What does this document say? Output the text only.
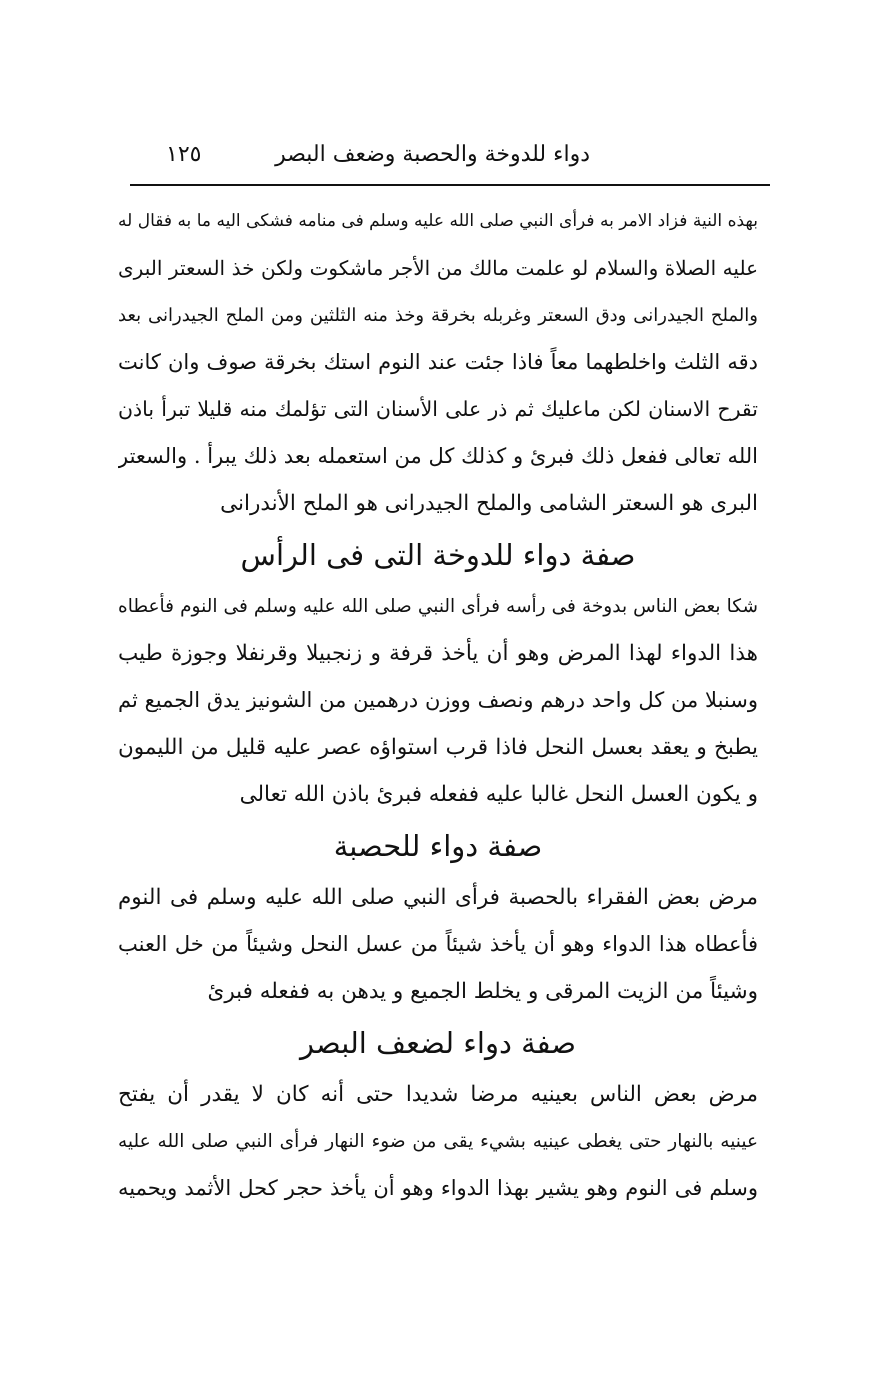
دواء للدوخة والحصبة وضعف البصر
١٢٥
بهذه النية فزاد الامر به فرأى النبي صلى الله عليه وسلم فى منامه فشكى اليه ما به فقال له
عليه الصلاة والسلام لو علمت مالك من الأجر ماشكوت ولكن خذ السعتر البرى
والملح الجيدرانى ودق السعتر وغربله بخرقة وخذ منه الثلثين ومن الملح الجيدرانى بعد
دقه الثلث واخلطهما معاً فاذا جئت عند النوم استك بخرقة صوف وان كانت
تقرح الاسنان لكن ماعليك ثم ذر على الأسنان التى تؤلمك منه قليلا تبرأ باذن
الله تعالى ففعل ذلك فبرئ و كذلك كل من استعمله بعد ذلك يبرأ . والسعتر
البرى هو السعتر الشامى والملح الجيدرانى هو الملح الأندرانى
صفة دواء للدوخة التى فى الرأس
شكا بعض الناس بدوخة فى رأسه فرأى النبي صلى الله عليه وسلم فى النوم فأعطاه
هذا الدواء لهذا المرض وهو أن يأخذ قرفة و زنجبيلا وقرنفلا وجوزة طيب
وسنبلا من كل واحد درهم ونصف ووزن درهمين من الشونيز يدق الجميع ثم
يطبخ و يعقد بعسل النحل فاذا قرب استواؤه عصر عليه قليل من الليمون
و يكون العسل النحل غالبا عليه ففعله فبرئ باذن الله تعالى
صفة دواء للحصبة
مرض بعض الفقراء بالحصبة فرأى النبي صلى الله عليه وسلم فى النوم
فأعطاه هذا الدواء وهو أن يأخذ شيئاً من عسل النحل وشيئاً من خل العنب
وشيئاً من الزيت المرقى و يخلط الجميع و يدهن به ففعله فبرئ
صفة دواء لضعف البصر
مرض بعض الناس بعينيه مرضا شديدا حتى أنه كان لا يقدر أن يفتح
عينيه بالنهار حتى يغطى عينيه بشيء يقى من ضوء النهار فرأى النبي صلى الله عليه
وسلم فى النوم وهو يشير بهذا الدواء وهو أن يأخذ حجر كحل الأثمد ويحميه
